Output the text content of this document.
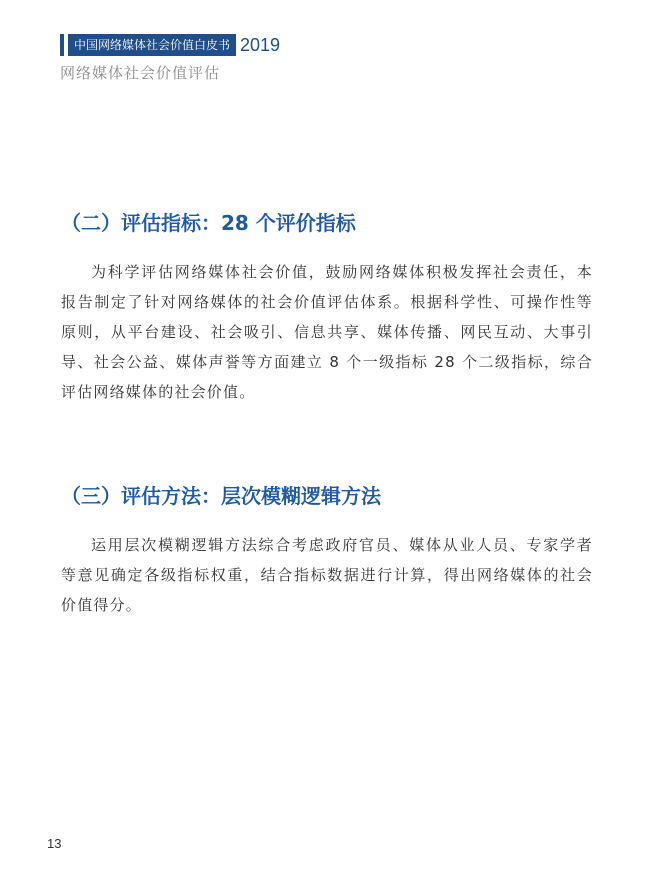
中国网络媒体社会价值白皮书 2019
网络媒体社会价值评估
（二）评估指标：28 个评价指标
为科学评估网络媒体社会价值，鼓励网络媒体积极发挥社会责任，本报告制定了针对网络媒体的社会价值评估体系。根据科学性、可操作性等原则，从平台建设、社会吸引、信息共享、媒体传播、网民互动、大事引导、社会公益、媒体声誉等方面建立 8 个一级指标 28 个二级指标，综合评估网络媒体的社会价值。
（三）评估方法：层次模糊逻辑方法
运用层次模糊逻辑方法综合考虑政府官员、媒体从业人员、专家学者等意见确定各级指标权重，结合指标数据进行计算，得出网络媒体的社会价值得分。
13
